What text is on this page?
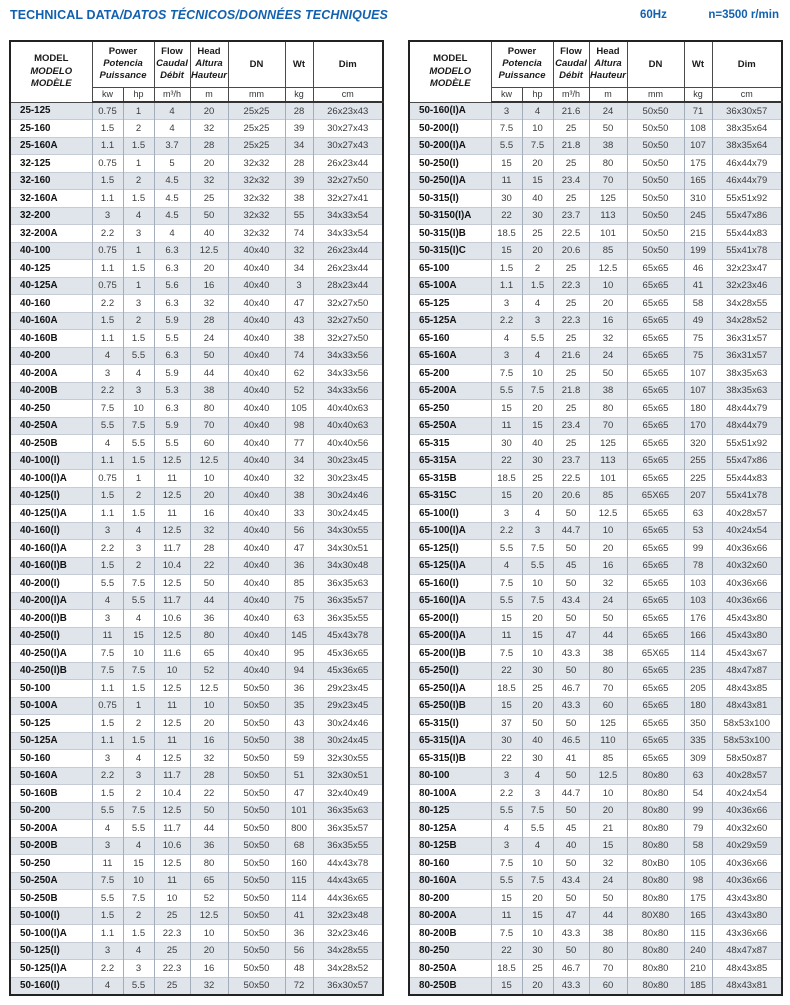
TECHNICAL DATA/DATOS TÉCNICOS/DONNÉES TECHNIQUES	60Hz	n=3500 r/min
MODEL
MODELO
MODÈLE	Power
Potencia
Puissance		Flow
Caudal
Débit	Head
Altura
Hauteur	DN	Wt	Dim
	kw	hp	m³/h	m	mm	kg	cm
25-125	0.75	1	4	20	25x25	28	26x23x43
25-160	1.5	2	4	32	25x25	39	30x27x43
25-160A	1.1	1.5	3.7	28	25x25	34	30x27x43
32-125	0.75	1	5	20	32x32	28	26x23x44
32-160	1.5	2	4.5	32	32x32	39	32x27x50
32-160A	1.1	1.5	4.5	25	32x32	38	32x27x41
32-200	3	4	4.5	50	32x32	55	34x33x54
32-200A	2.2	3	4	40	32x32	74	34x33x54
40-100	0.75	1	6.3	12.5	40x40	32	26x23x44
40-125	1.1	1.5	6.3	20	40x40	34	26x23x44
40-125A	0.75	1	5.6	16	40x40	3	28x23x44
40-160	2.2	3	6.3	32	40x40	47	32x27x50
40-160A	1.5	2	5.9	28	40x40	43	32x27x50
40-160B	1.1	1.5	5.5	24	40x40	38	32x27x50
40-200	4	5.5	6.3	50	40x40	74	34x33x56
40-200A	3	4	5.9	44	40x40	62	34x33x56
40-200B	2.2	3	5.3	38	40x40	52	34x33x56
40-250	7.5	10	6.3	80	40x40	105	40x40x63
40-250A	5.5	7.5	5.9	70	40x40	98	40x40x63
40-250B	4	5.5	5.5	60	40x40	77	40x40x56
40-100(I)	1.1	1.5	12.5	12.5	40x40	34	30x23x45
40-100(I)A	0.75	1	11	10	40x40	32	30x23x45
40-125(I)	1.5	2	12.5	20	40x40	38	30x24x46
40-125(I)A	1.1	1.5	11	16	40x40	33	30x24x45
40-160(I)	3	4	12.5	32	40x40	56	34x30x55
40-160(I)A	2.2	3	11.7	28	40x40	47	34x30x51
40-160(I)B	1.5	2	10.4	22	40x40	36	34x30x48
40-200(I)	5.5	7.5	12.5	50	40x40	85	36x35x63
40-200(I)A	4	5.5	11.7	44	40x40	75	36x35x57
40-200(I)B	3	4	10.6	36	40x40	63	36x35x55
40-250(I)	11	15	12.5	80	40x40	145	45x43x78
40-250(I)A	7.5	10	11.6	65	40x40	95	45x36x65
40-250(I)B	7.5	7.5	10	52	40x40	94	45x36x65
50-100	1.1	1.5	12.5	12.5	50x50	36	29x23x45
50-100A	0.75	1	11	10	50x50	35	29x23x45
50-125	1.5	2	12.5	20	50x50	43	30x24x46
50-125A	1.1	1.5	11	16	50x50	38	30x24x45
50-160	3	4	12.5	32	50x50	59	32x30x55
50-160A	2.2	3	11.7	28	50x50	51	32x30x51
50-160B	1.5	2	10.4	22	50x50	47	32x40x49
50-200	5.5	7.5	12.5	50	50x50	101	36x35x63
50-200A	4	5.5	11.7	44	50x50	800	36x35x57
50-200B	3	4	10.6	36	50x50	68	36x35x55
50-250	11	15	12.5	80	50x50	160	44x43x78
50-250A	7.5	10	11	65	50x50	115	44x43x65
50-250B	5.5	7.5	10	52	50x50	114	44x36x65
50-100(I)	1.5	2	25	12.5	50x50	41	32x23x48
50-100(I)A	1.1	1.5	22.3	10	50x50	36	32x23x46
50-125(I)	3	4	25	20	50x50	56	34x28x55
50-125(I)A	2.2	3	22.3	16	50x50	48	34x28x52
50-160(I)	4	5.5	25	32	50x50	72	36x30x57
MODEL
MODELO
MODÈLE	Power
Potencia
Puissance		Flow
Caudal
Débit	Head
Altura
Hauteur	DN	Wt	Dim
	kw	hp	m³/h	m	mm	kg	cm
50-160(I)A	3	4	21.6	24	50x50	71	36x30x57
50-200(I)	7.5	10	25	50	50x50	108	38x35x64
50-200(I)A	5.5	7.5	21.8	38	50x50	107	38x35x64
50-250(I)	15	20	25	80	50x50	175	46x44x79
50-250(I)A	11	15	23.4	70	50x50	165	46x44x79
50-315(I)	30	40	25	125	50x50	310	55x51x92
50-3150(I)A	22	30	23.7	113	50x50	245	55x47x86
50-315(I)B	18.5	25	22.5	101	50x50	215	55x44x83
50-315(I)C	15	20	20.6	85	50x50	199	55x41x78
65-100	1.5	2	25	12.5	65x65	46	32x23x47
65-100A	1.1	1.5	22.3	10	65x65	41	32x23x46
65-125	3	4	25	20	65x65	58	34x28x55
65-125A	2.2	3	22.3	16	65x65	49	34x28x52
65-160	4	5.5	25	32	65x65	75	36x31x57
65-160A	3	4	21.6	24	65x65	75	36x31x57
65-200	7.5	10	25	50	65x65	107	38x35x63
65-200A	5.5	7.5	21.8	38	65x65	107	38x35x63
65-250	15	20	25	80	65x65	180	48x44x79
65-250A	11	15	23.4	70	65x65	170	48x44x79
65-315	30	40	25	125	65x65	320	55x51x92
65-315A	22	30	23.7	113	65x65	255	55x47x86
65-315B	18.5	25	22.5	101	65x65	225	55x44x83
65-315C	15	20	20.6	85	65X65	207	55x41x78
65-100(I)	3	4	50	12.5	65x65	63	40x28x57
65-100(I)A	2.2	3	44.7	10	65x65	53	40x24x54
65-125(I)	5.5	7.5	50	20	65x65	99	40x36x66
65-125(I)A	4	5.5	45	16	65x65	78	40x32x60
65-160(I)	7.5	10	50	32	65x65	103	40x36x66
65-160(I)A	5.5	7.5	43.4	24	65x65	103	40x36x66
65-200(I)	15	20	50	50	65x65	176	45x43x80
65-200(I)A	11	15	47	44	65x65	166	45x43x80
65-200(I)B	7.5	10	43.3	38	65X65	114	45x43x67
65-250(I)	22	30	50	80	65x65	235	48x47x87
65-250(I)A	18.5	25	46.7	70	65x65	205	48x43x85
65-250(I)B	15	20	43.3	60	65x65	180	48x43x81
65-315(I)	37	50	50	125	65x65	350	58x53x100
65-315(I)A	30	40	46.5	110	65x65	335	58x53x100
65-315(I)B	22	30	41	85	65x65	309	58x50x87
80-100	3	4	50	12.5	80x80	63	40x28x57
80-100A	2.2	3	44.7	10	80x80	54	40x24x54
80-125	5.5	7.5	50	20	80x80	99	40x36x66
80-125A	4	5.5	45	21	80x80	79	40x32x60
80-125B	3	4	40	15	80x80	58	40x29x59
80-160	7.5	10	50	32	80xB0	105	40x36x66
80-160A	5.5	7.5	43.4	24	80x80	98	40x36x66
80-200	15	20	50	50	80x80	175	43x43x80
80-200A	11	15	47	44	80X80	165	43x43x80
80-200B	7.5	10	43.3	38	80x80	115	43x36x66
80-250	22	30	50	80	80x80	240	48x47x87
80-250A	18.5	25	46.7	70	80x80	210	48x43x85
80-250B	15	20	43.3	60	80x80	185	48x43x81
